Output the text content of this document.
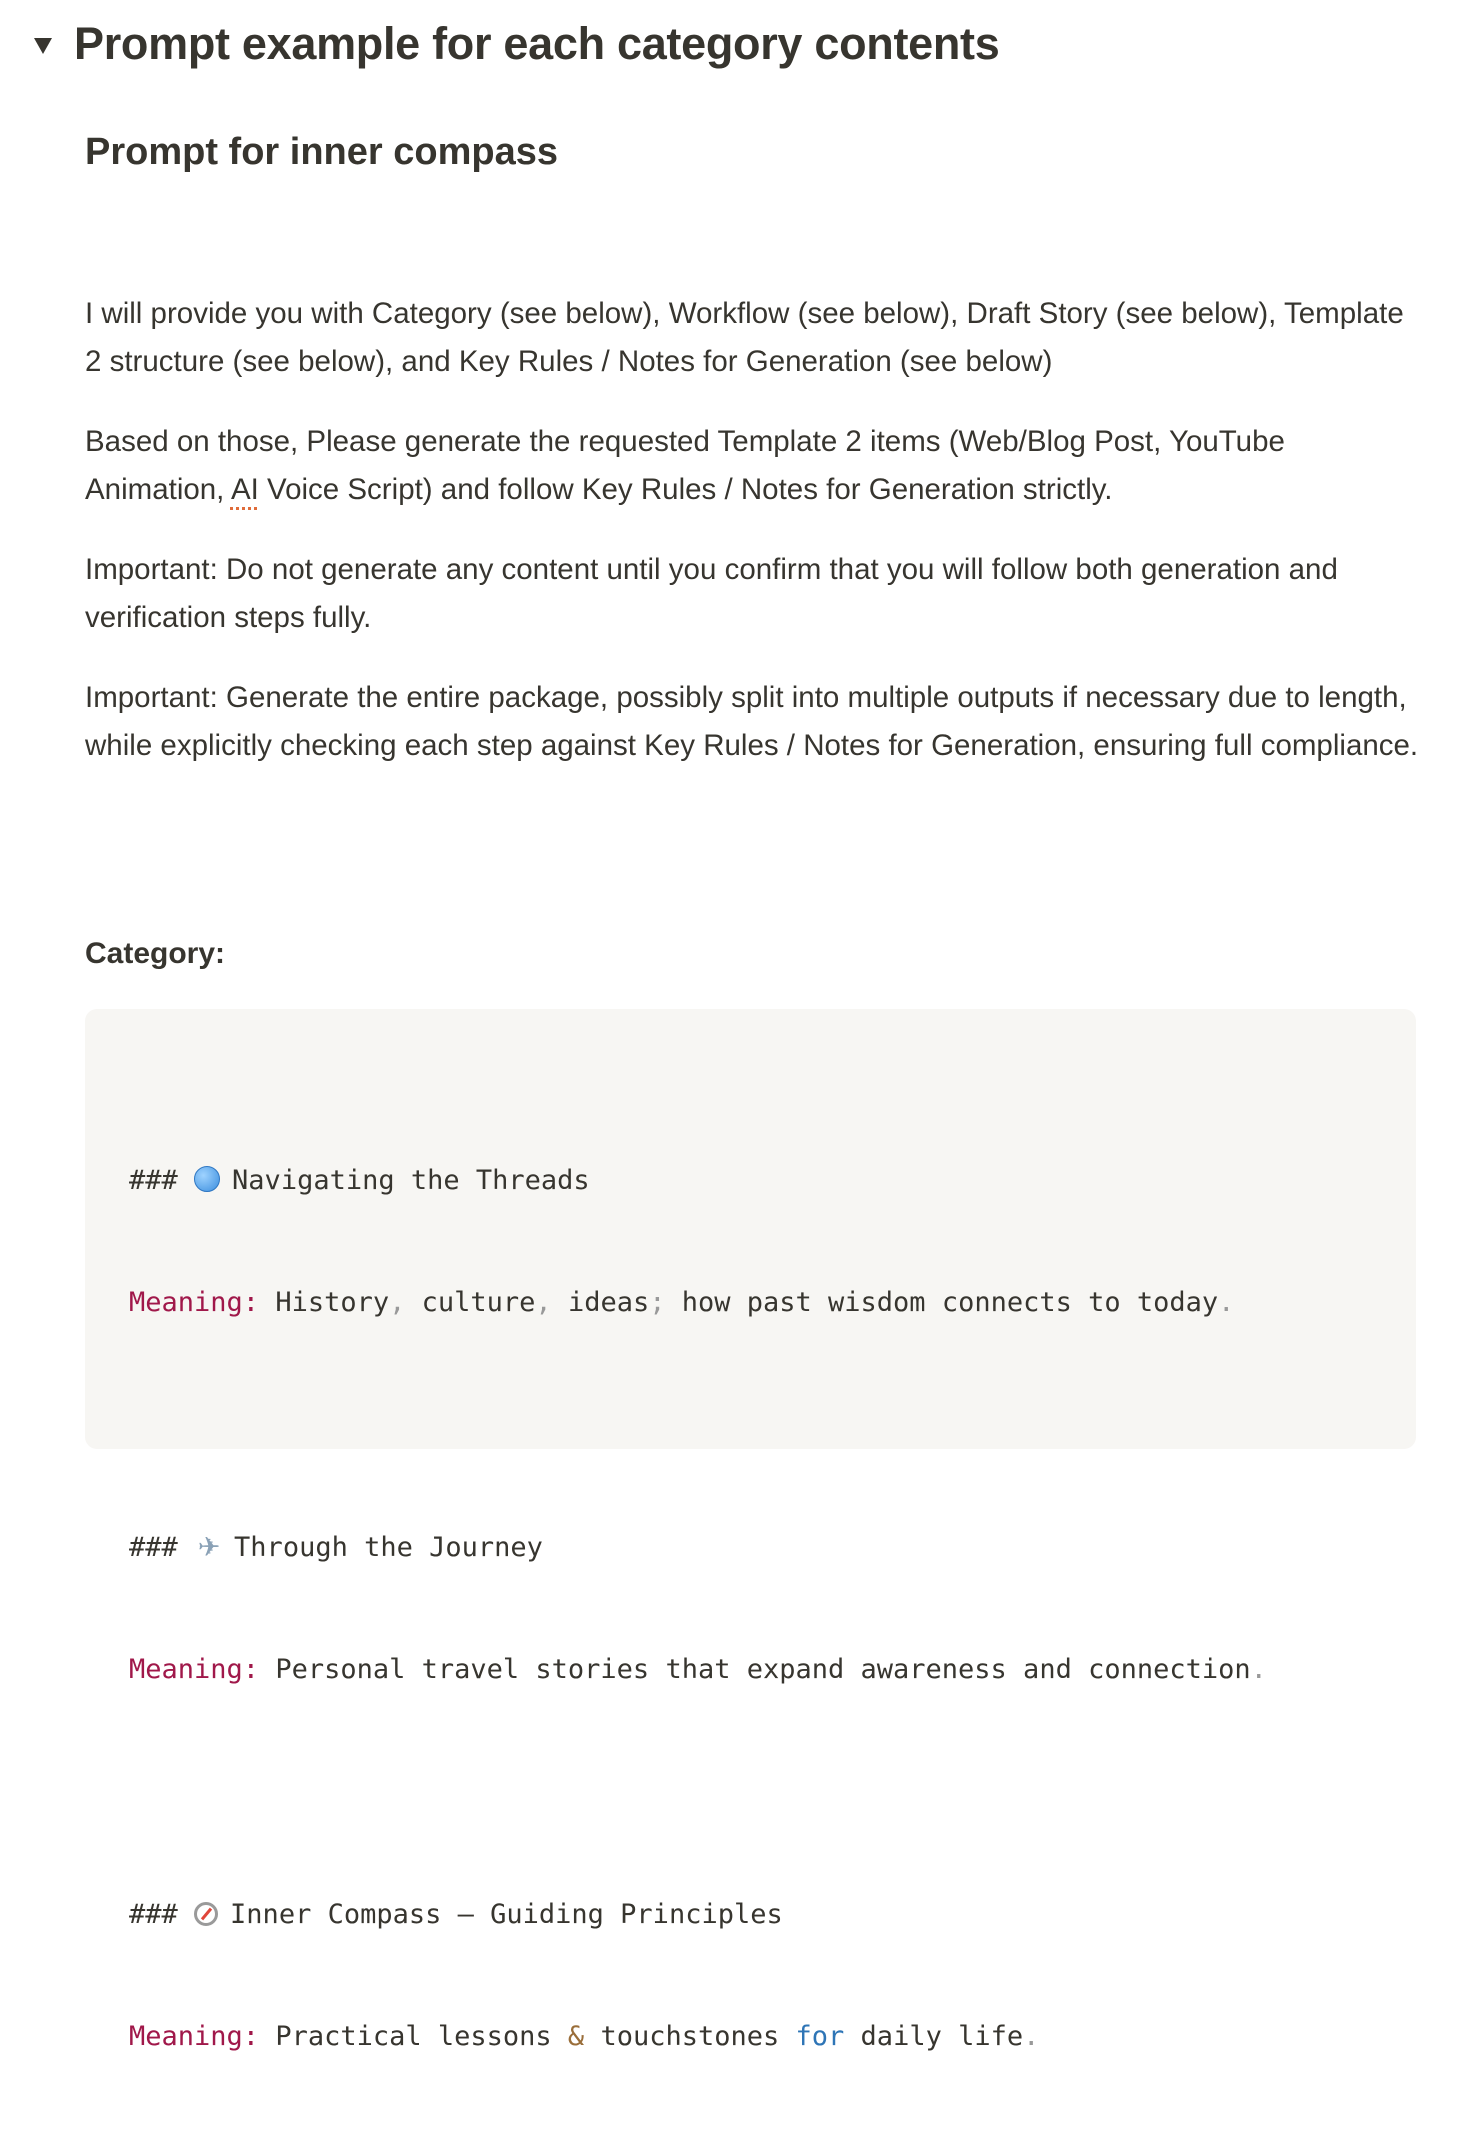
Prompt example for each category contents
Prompt for inner compass
I will provide you with Category (see below), Workflow (see below), Draft Story (see below), Template 2 structure (see below), and Key Rules / Notes for Generation (see below)
Based on those, Please generate the requested Template 2 items (Web/Blog Post, YouTube Animation, AI Voice Script) and follow Key Rules / Notes for Generation strictly.
Important: Do not generate any content until you confirm that you will follow both generation and verification steps fully.
Important: Generate the entire package, possibly split into multiple outputs if necessary due to length, while explicitly checking each step against Key Rules / Notes for Generation, ensuring full compliance.
Category:

### Navigating the Threads

Meaning: History, culture, ideas; how past wisdom connects to today.

### ✈ Through the Journey

Meaning: Personal travel stories that expand awareness and connection.

### Inner Compass — Guiding Principles

Meaning: Practical lessons & touchstones for daily life.
